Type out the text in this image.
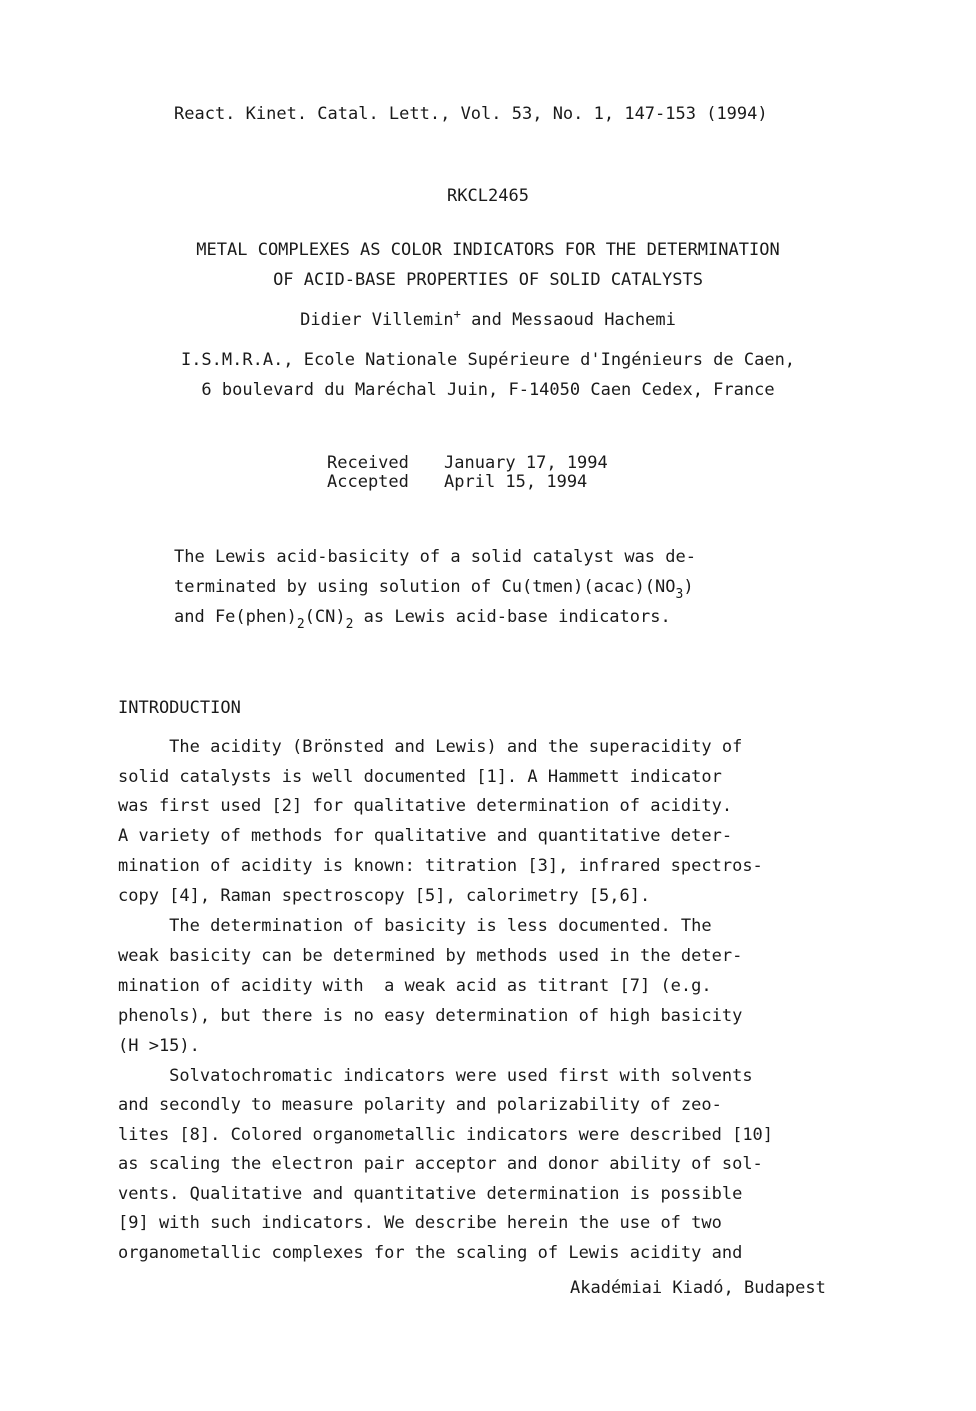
React. Kinet. Catal. Lett., Vol. 53, No. 1, 147-153 (1994)
RKCL2465
METAL COMPLEXES AS COLOR INDICATORS FOR THE DETERMINATION
OF ACID-BASE PROPERTIES OF SOLID CATALYSTS
Didier Villemin+ and Messaoud Hachemi
I.S.M.R.A., Ecole Nationale Supérieure d'Ingénieurs de Caen,
6 boulevard du Maréchal Juin, F-14050 Caen Cedex, France
Received January 17, 1994
Accepted April 15, 1994
The Lewis acid-basicity of a solid catalyst was de-
terminated by using solution of $Cu(tmen)(acac)(NO_3)$
and $Fe(phen)_2(CN)_2$ as Lewis acid-base indicators.
INTRODUCTION
The acidity (Brönsted and Lewis) and the superacidity of
solid catalysts is well documented [1]. A Hammett indicator
was first used [2] for qualitative determination of acidity.
A variety of methods for qualitative and quantitative deter-
mination of acidity is known: titration [3], infrared spectros-
copy [4], Raman spectroscopy [5], calorimetry [5,6].
The determination of basicity is less documented. The
weak basicity can be determined by methods used in the deter-
mination of acidity with  a weak acid as titrant [7] (e.g.
phenols), but there is no easy determination of high basicity
(H >15).
Solvatochromatic indicators were used first with solvents
and secondly to measure polarity and polarizability of zeo-
lites [8]. Colored organometallic indicators were described [10]
as scaling the electron pair acceptor and donor ability of sol-
vents. Qualitative and quantitative determination is possible
[9] with such indicators. We describe herein the use of two
organometallic complexes for the scaling of Lewis acidity and
Akadémiai Kiadó, Budapest
